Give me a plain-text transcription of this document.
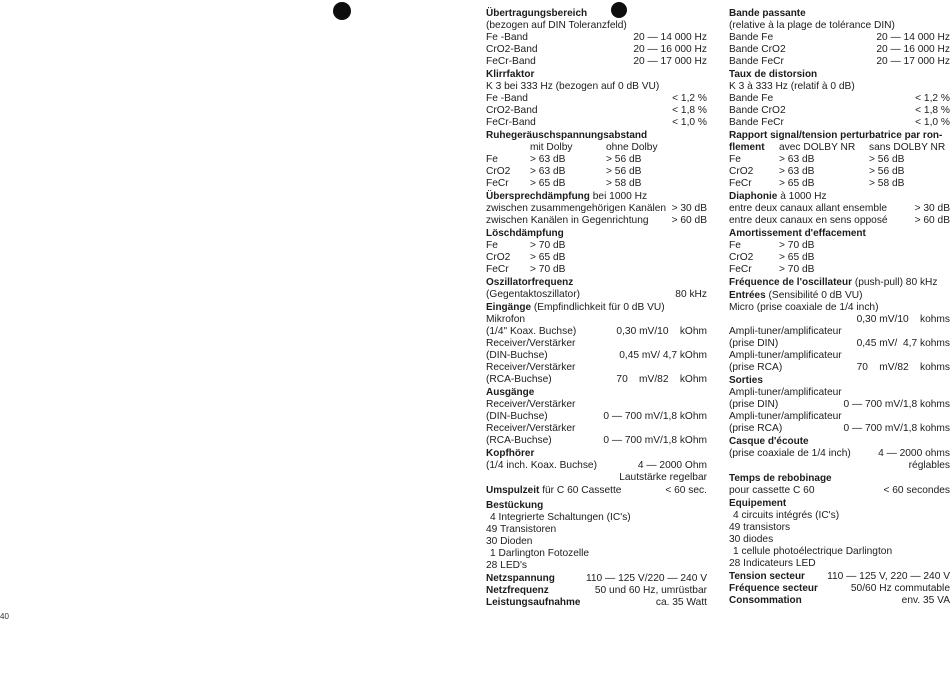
40
Übertragungsbereich
(bezogen auf DIN Toleranzfeld)
Fe -Band	20 — 14 000 Hz
CrO2-Band	20 — 16 000 Hz
FeCr-Band	20 — 17 000 Hz
Klirrfaktor
K 3 bei 333 Hz (bezogen auf 0 dB VU)
Fe -Band	< 1,2 %
CrO2-Band	< 1,8 %
FeCr-Band	< 1,0 %
Ruhegeräuschspannungsabstand
mit Dolby	ohne Dolby
Fe	> 63 dB	> 56 dB
CrO2	> 63 dB	> 56 dB
FeCr	> 65 dB	> 58 dB
Übersprechdämpfung bei 1000 Hz
zwischen zusammengehörigen Kanälen > 30 dB
zwischen Kanälen in Gegenrichtung	> 60 dB
Löschdämpfung
Fe	> 70 dB
CrO2	> 65 dB
FeCr	> 70 dB
Oszillatorfrequenz
(Gegentaktoszillator)	80 kHz
Eingänge (Empfindlichkeit für 0 dB VU)
Mikrofon
(1/4" Koax. Buchse)	0,30 mV/10    kOhm
Receiver/Verstärker
(DIN-Buchse)	0,45 mV/ 4,7 kOhm
Receiver/Verstärker
(RCA-Buchse)	70    mV/82    kOhm
Ausgänge
Receiver/Verstärker
(DIN-Buchse)	0 — 700 mV/1,8 kOhm
Receiver/Verstärker
(RCA-Buchse)	0 — 700 mV/1,8 kOhm
Kopfhörer
(1/4 inch. Koax. Buchse)	4 — 2000 Ohm
Lautstärke regelbar
Umspulzeit für C 60 Cassette	< 60 sec.
Bestückung
4 Integrierte Schaltungen (IC's)
49 Transistoren
30 Dioden
1 Darlington Fotozelle
28 LED's
Netzspannung	110 — 125 V/220 — 240 V
Netzfrequenz	50 und 60 Hz, umrüstbar
Leistungsaufnahme	ca. 35 Watt
Bande passante
(relative à la plage de tolérance DIN)
Bande Fe	20 — 14 000 Hz
Bande CrO2	20 — 16 000 Hz
Bande FeCr	20 — 17 000 Hz
Taux de distorsion
K 3 à 333 Hz (relatif à 0 dB)
Bande Fe	< 1,2 %
Bande CrO2	< 1,8 %
Bande FeCr	< 1,0 %
Rapport signal/tension perturbatrice par ron-
flement	avec DOLBY NR	sans DOLBY NR
Fe	> 63 dB	> 56 dB
CrO2	> 63 dB	> 56 dB
FeCr	> 65 dB	> 58 dB
Diaphonie à 1000 Hz
entre deux canaux allant ensemble	> 30 dB
entre deux canaux en sens opposé	> 60 dB
Amortissement d'effacement
Fe	> 70 dB
CrO2	> 65 dB
FeCr	> 70 dB
Fréquence de l'oscillateur (push-pull) 80 kHz
Entrées (Sensibilité 0 dB VU)
Micro (prise coaxiale de 1/4 inch)
0,30 mV/10    kohms
Ampli-tuner/amplificateur
(prise DIN)	0,45 mV/  4,7 kohms
Ampli-tuner/amplificateur
(prise RCA)	70    mV/82    kohms
Sorties
Ampli-tuner/amplificateur
(prise DIN)	0 — 700 mV/1,8 kohms
Ampli-tuner/amplificateur
(prise RCA)	0 — 700 mV/1,8 kohms
Casque d'écoute
(prise coaxiale de 1/4 inch)	4 — 2000 ohms
réglables
Temps de rebobinage
pour cassette C 60	< 60 secondes
Equipement
4 circuits intégrés (IC's)
49 transistors
30 diodes
1 cellule photoélectrique Darlington
28 Indicateurs LED
Tension secteur	110 — 125 V, 220 — 240 V
Fréquence secteur	50/60 Hz commutable
Consommation	env. 35 VA
